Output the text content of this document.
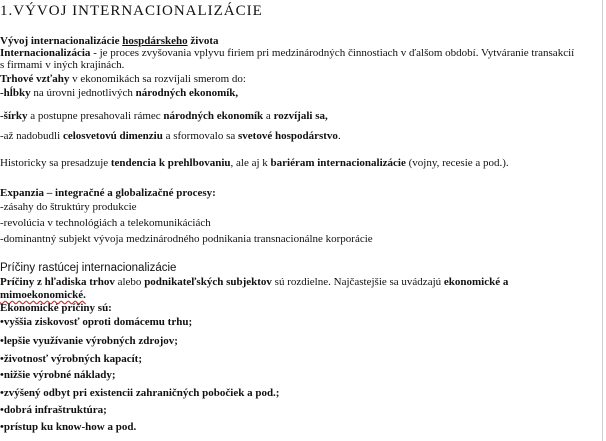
1.VÝVOJ INTERNACIONALIZÁCIE
Vývoj internacionalizácie hospdárskeho života
Internacionalizácia - je proces zvyšovania vplyvu firiem pri medzinárodných činnostiach v ďalšom období. Vytváranie transakcií
s firmami v iných krajinách.
Trhové vzťahy v ekonomikách sa rozvíjali smerom do:
-hĺbky na úrovni jednotlivých národných ekonomík,
-šírky a postupne presahovali rámec národných ekonomík a rozvíjali sa,
-až nadobudli celosvetovú dimenziu a sformovalo sa svetové hospodárstvo.
Historicky sa presadzuje tendencia k prehlbovaniu, ale aj k bariéram internacionalizácie (vojny, recesie a pod.).
Expanzia – integračné a globalizačné procesy:
-zásahy do štruktúry produkcie
-revolúcia v technológiách a telekomunikáciách
-dominantný subjekt vývoja medzinárodného podnikania transnacionálne korporácie
Príčiny rastúcej internacionalizácie
Príčiny z hľadiska trhov alebo podnikateľských subjektov sú rozdielne. Najčastejšie sa uvádzajú ekonomické a
mimoekonomické.
Ekonomické príčiny sú:
•vyššia ziskovosť oproti domácemu trhu;
•lepšie využívanie výrobných zdrojov;
•životnosť výrobných kapacít;
•nižšie výrobné náklady;
•zvýšený odbyt pri existencii zahraničných pobočiek a pod.;
•dobrá infraštruktúra;
•prístup ku know-how a pod.
